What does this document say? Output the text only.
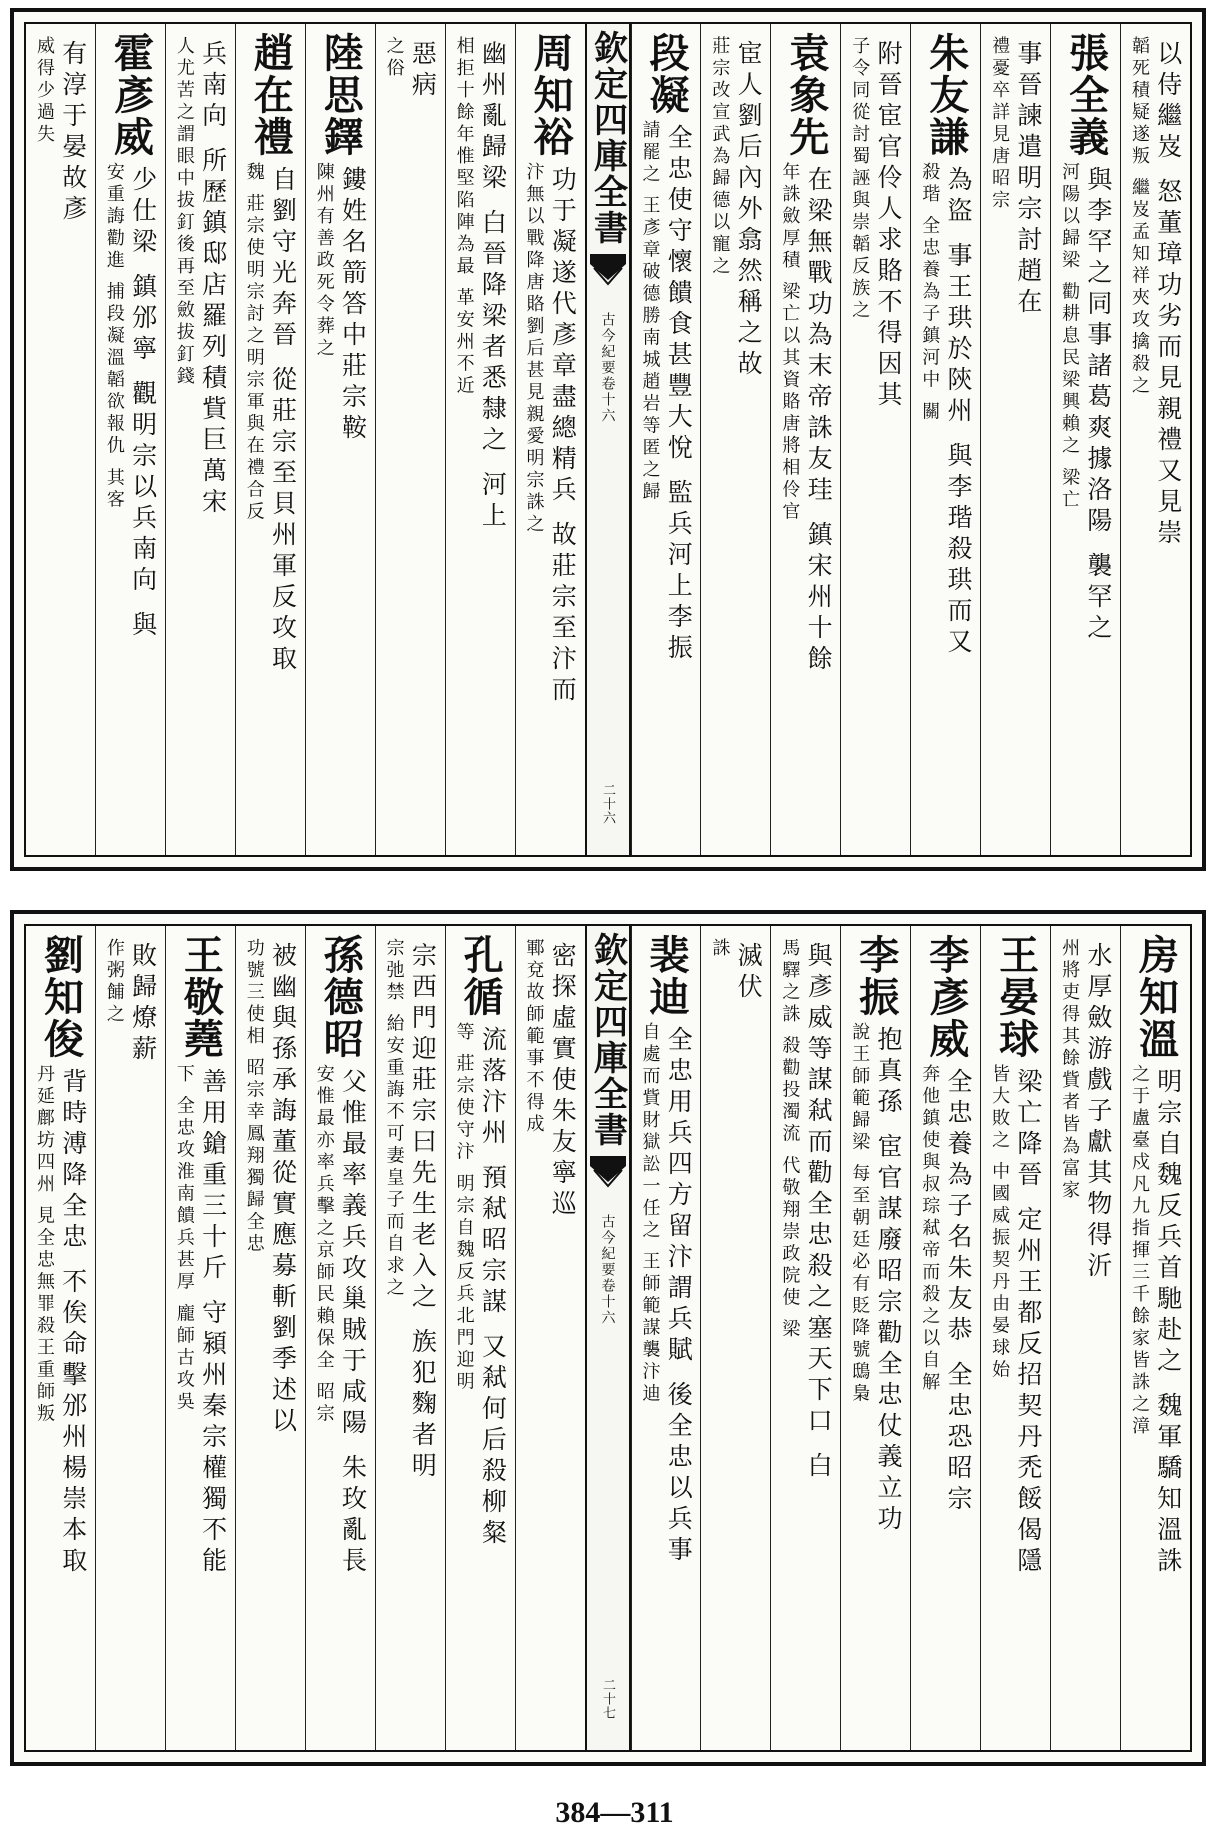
以侍繼岌 怒董璋功劣而見親禮又見崇
韜死積疑遂叛 繼岌孟知祥夾攻擒殺之
張全義
與李罕之同事諸葛爽據洛陽 襲罕之
河陽以歸梁 勸耕息民梁興賴之 梁亡
事晉諫遣明宗討趙在
禮憂卒詳見唐昭宗
朱友謙
為盜 事王珙於陝州 與李瑎殺珙而又
殺瑎 全忠養為子鎮河中 關
附晉宦官伶人求賂不得因其
子令同從討蜀誣與崇韜反族之
袁象先
在梁無戰功為末帝誅友珪 鎮宋州十餘
年誅斂厚積 梁亡以其資賂唐將相伶官
宦人劉后內外翕然稱之故
莊宗改宣武為歸德以寵之
段凝
全忠使守懷饋食甚豐大悅 監兵河上李振
請罷之 王彥章破德勝南城趙岩等匿之歸
欽定四庫全書
古今紀要
卷十六
二十六
周知裕
功于凝遂代彥章盡總精兵 故莊宗至汴而
汴無以戰降唐賂劉后甚見親愛明宗誅之
幽州亂歸梁 白晉降梁者悉隸之 河上
相拒十餘年惟堅陷陣為最 革安州不近
惡病
之俗
陸思鐸
鏤姓名箭答中莊宗鞍
陳州有善政死令葬之
趙在禮
自劉守光奔晉 從莊宗至貝州軍反攻取
魏 莊宗使明宗討之明宗軍與在禮合反
兵南向 所歷鎮邸店羅列積貲巨萬宋
人尤苦之謂眼中拔釘後再至斂拔釘錢
霍彥威
少仕梁 鎮邠寧 觀明宗以兵南向 與
安重誨勸進 捕段凝溫韜欲報仇 其客
有淳于晏故彥
威得少過失
房知溫
明宗自魏反兵首馳赴之 魏軍驕知溫誅
之于盧臺戍凡九指揮三千餘家皆誅之漳
水厚斂游戲子獻其物得沂
州將吏得其餘貲者皆為富家
王晏球
梁亡降晉 定州王都反招契丹禿餒偈隱
皆大敗之 中國威振契丹由晏球始
李彥威
全忠養為子名朱友恭 全忠恐昭宗
奔他鎮使與叔琮弒帝而殺之以自解
李振
抱真孫 宦官謀廢昭宗勸全忠仗義立功
說王師範歸梁 每至朝廷必有貶降號鴟梟
與彥威等謀弒而勸全忠殺之塞天下口 白
馬驛之誅 殺勸投濁流 代敬翔崇政院使 梁
滅伏
誅
裴迪
全忠用兵四方留汴謂兵賦 後全忠以兵事
自處而貲財獄訟一任之 王師範謀襲汴迪
欽定四庫全書
古今紀要
卷十六
二十七
密探虛實使朱友寧巡
鄆兗故師範事不得成
孔循
流落汴州 預弒昭宗謀 又弒何后殺柳粲
等 莊宗使守汴 明宗自魏反兵北門迎明
宗西門迎莊宗曰先生老入之 族犯麴者明
宗弛禁 紿安重誨不可妻皇子而自求之
孫德昭
父惟最率義兵攻巢賊于咸陽 朱玫亂長
安惟最亦率兵擊之京師民賴保全 昭宗
被幽與孫承誨董從實應募斬劉季述以
功號三使相 昭宗幸鳳翔獨歸全忠
王敬蕘
善用鎗重三十斤 守潁州秦宗權獨不能
下 全忠攻淮南饋兵甚厚 龐師古攻吳
敗歸燎薪
作粥餔之
劉知俊
背時溥降全忠 不俟命擊邠州楊崇本取
丹延鄜坊四州 見全忠無罪殺王重師叛
384—311
